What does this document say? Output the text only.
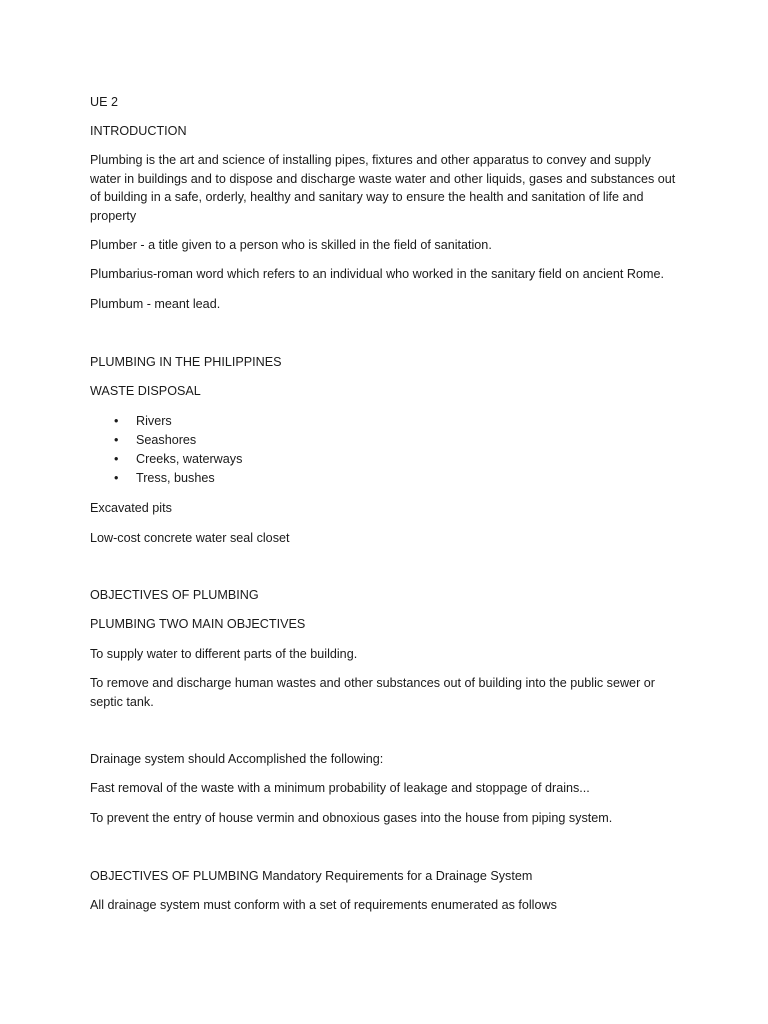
UE 2
INTRODUCTION
Plumbing is the art and science of installing pipes, fixtures and other apparatus to convey and supply water in buildings and to dispose and discharge waste water and other liquids, gases and substances out of building in a safe, orderly, healthy and sanitary way to ensure the health and sanitation of life and property
Plumber - a title given to a person who is skilled in the field of sanitation.
Plumbarius-roman word which refers to an individual who worked in the sanitary field on ancient Rome.
Plumbum - meant lead.
PLUMBING IN THE PHILIPPINES
WASTE DISPOSAL
• Rivers
• Seashores
• Creeks, waterways
• Tress, bushes
Excavated pits
Low-cost concrete water seal closet
OBJECTIVES OF PLUMBING
PLUMBING TWO MAIN OBJECTIVES
To supply water to different parts of the building.
To remove and discharge human wastes and other substances out of building into the public sewer or septic tank.
Drainage system should Accomplished the following:
Fast removal of the waste with a minimum probability of leakage and stoppage of drains...
To prevent the entry of house vermin and obnoxious gases into the house from piping system.
OBJECTIVES OF PLUMBING Mandatory Requirements for a Drainage System
All drainage system must conform with a set of requirements enumerated as follows
